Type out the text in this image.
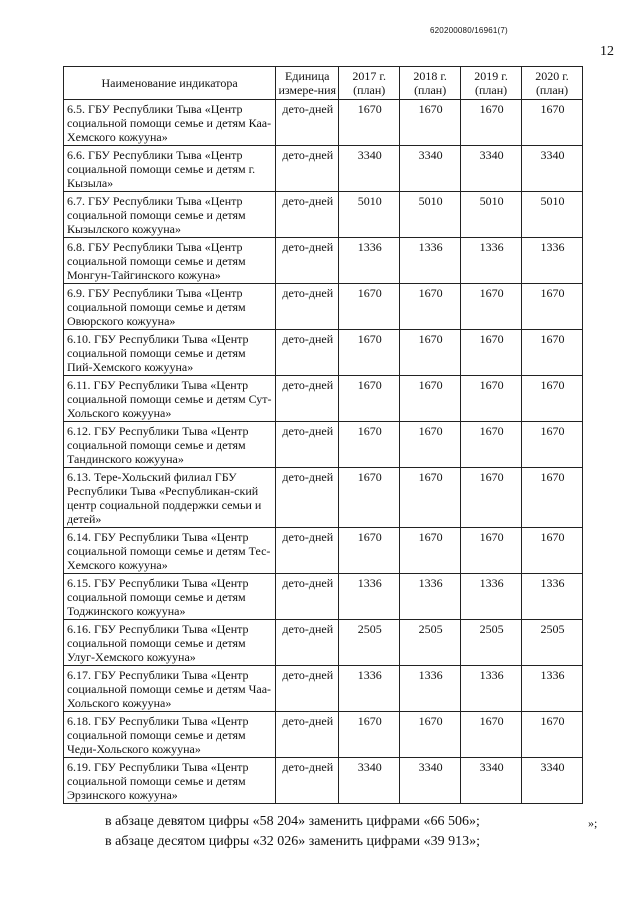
620200080/16961(7)
12
Наименование индикатора	Единица измере-ния	2017 г. (план)	2018 г. (план)	2019 г. (план)	2020 г. (план)
6.5. ГБУ Республики Тыва «Центр социальной помощи семье и детям Каа-Хемского кожууна»	дето-дней	1670	1670	1670	1670
6.6. ГБУ Республики Тыва «Центр социальной помощи семье и детям г. Кызыла»	дето-дней	3340	3340	3340	3340
6.7. ГБУ Республики Тыва «Центр социальной помощи семье и детям Кызылского кожууна»	дето-дней	5010	5010	5010	5010
6.8. ГБУ Республики Тыва «Центр социальной помощи семье и детям Монгун-Тайгинского кожуна»	дето-дней	1336	1336	1336	1336
6.9. ГБУ Республики Тыва «Центр социальной помощи семье и детям Овюрского кожууна»	дето-дней	1670	1670	1670	1670
6.10. ГБУ Республики Тыва «Центр социальной помощи семье и детям Пий-Хемского кожууна»	дето-дней	1670	1670	1670	1670
6.11. ГБУ Республики Тыва «Центр социальной помощи семье и детям Сут-Хольского кожууна»	дето-дней	1670	1670	1670	1670
6.12. ГБУ Республики Тыва «Центр социальной помощи семье и детям Тандинского кожууна»	дето-дней	1670	1670	1670	1670
6.13. Тере-Хольский филиал ГБУ Республики Тыва «Республикан-ский центр социальной поддержки семьи и детей»	дето-дней	1670	1670	1670	1670
6.14. ГБУ Республики Тыва «Центр социальной помощи семье и детям Тес-Хемского кожууна»	дето-дней	1670	1670	1670	1670
6.15. ГБУ Республики Тыва «Центр социальной помощи семье и детям Тоджинского кожууна»	дето-дней	1336	1336	1336	1336
6.16. ГБУ Республики Тыва «Центр социальной помощи семье и детям Улуг-Хемского кожууна»	дето-дней	2505	2505	2505	2505
6.17. ГБУ Республики Тыва «Центр социальной помощи семье и детям Чаа-Хольского кожууна»	дето-дней	1336	1336	1336	1336
6.18. ГБУ Республики Тыва «Центр социальной помощи семье и детям Чеди-Хольского кожууна»	дето-дней	1670	1670	1670	1670
6.19. ГБУ Республики Тыва «Центр социальной помощи семье и детям Эрзинского кожууна»	дето-дней	3340	3340	3340	3340
»;
в абзаце девятом цифры «58 204» заменить цифрами «66 506»;
в абзаце десятом цифры «32 026» заменить цифрами «39 913»;
